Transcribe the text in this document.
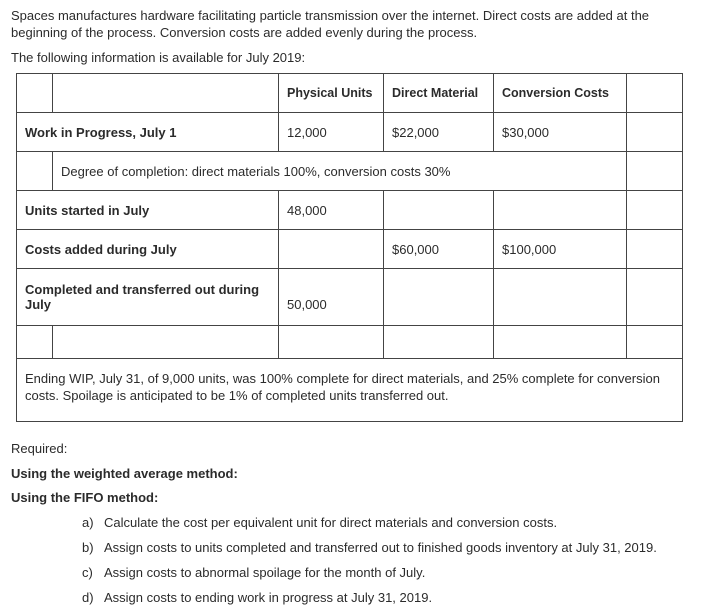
Spaces manufactures hardware facilitating particle transmission over the internet. Direct costs are added at the beginning of the process. Conversion costs are added evenly during the process.

The following information is available for July 2019:

		Physical Units	Direct Material	Conversion Costs	
Work in Progress, July 1		12,000	$22,000	$30,000	
	Degree of completion: direct materials 100%, conversion costs 30%				
Units started in July		48,000			
Costs added during July			$60,000	$100,000	
Completed and transferred out during July		50,000			

Ending WIP, July 31, of 9,000 units, was 100% complete for direct materials, and 25% complete for conversion costs. Spoilage is anticipated to be 1% of completed units transferred out.					

Required:

Using the weighted average method:

Using the FIFO method:

a) Calculate the cost per equivalent unit for direct materials and conversion costs.
b) Assign costs to units completed and transferred out to finished goods inventory at July 31, 2019.
c) Assign costs to abnormal spoilage for the month of July.
d) Assign costs to ending work in progress at July 31, 2019.
